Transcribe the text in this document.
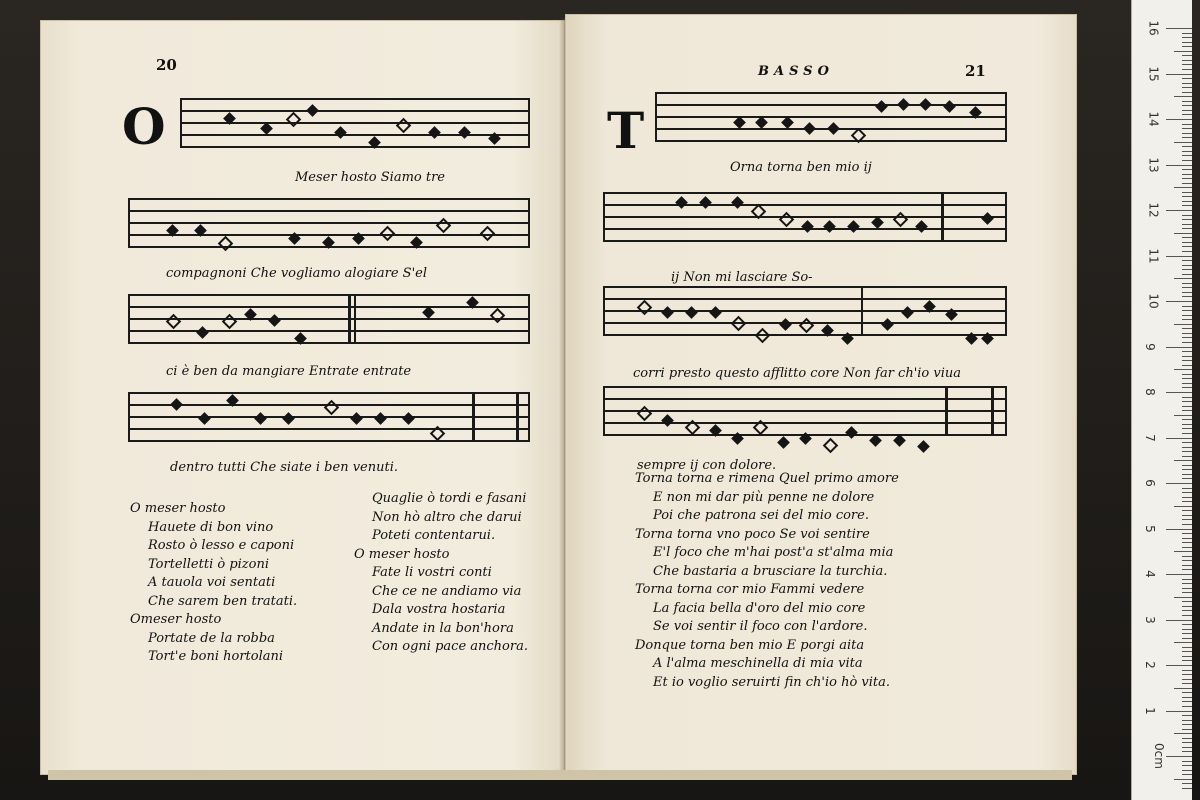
20
O
Meser hosto Siamo tre
compagnoni Che vogliamo alogiare S'el
ci è ben da mangiare Entrate entrate
dentro tutti Che siate i ben venuti.
O meser hosto
Hauete di bon vino
Rosto ò lesso e caponi
Tortelletti ò pizoni
A tauola voi sentati
Che sarem ben tratati.
Omeser hosto
Portate de la robba
Tort'e boni hortolani
Quaglie ò tordi e fasani
Non hò altro che darui
Poteti contentarui.
O meser hosto
Fate li vostri conti
Che ce ne andiamo via
Dala vostra hostaria
Andate in la bon'hora
Con ogni pace anchora.
BASSO	21
T
Orna torna ben mio ij
ij Non mi lasciare So-
corri presto questo afflitto core Non far ch'io viua
sempre ij con dolore.
Torna torna e rimena Quel primo amore
E non mi dar più penne ne dolore
Poi che patrona sei del mio core.
Torna torna vno poco Se voi sentire
E'l foco che m'hai post'a st'alma mia
Che bastaria a brusciare la turchia.
Torna torna cor mio Fammi vedere
La facia bella d'oro del mio core
Se voi sentir il foco con l'ardore.
Donque torna ben mio E porgi aita
A l'alma meschinella di mia vita
Et io voglio seruirti fin ch'io hò vita.
16
15
14
13
12
11
10
9
8
7
6
5
4
3
2
1
0cm
